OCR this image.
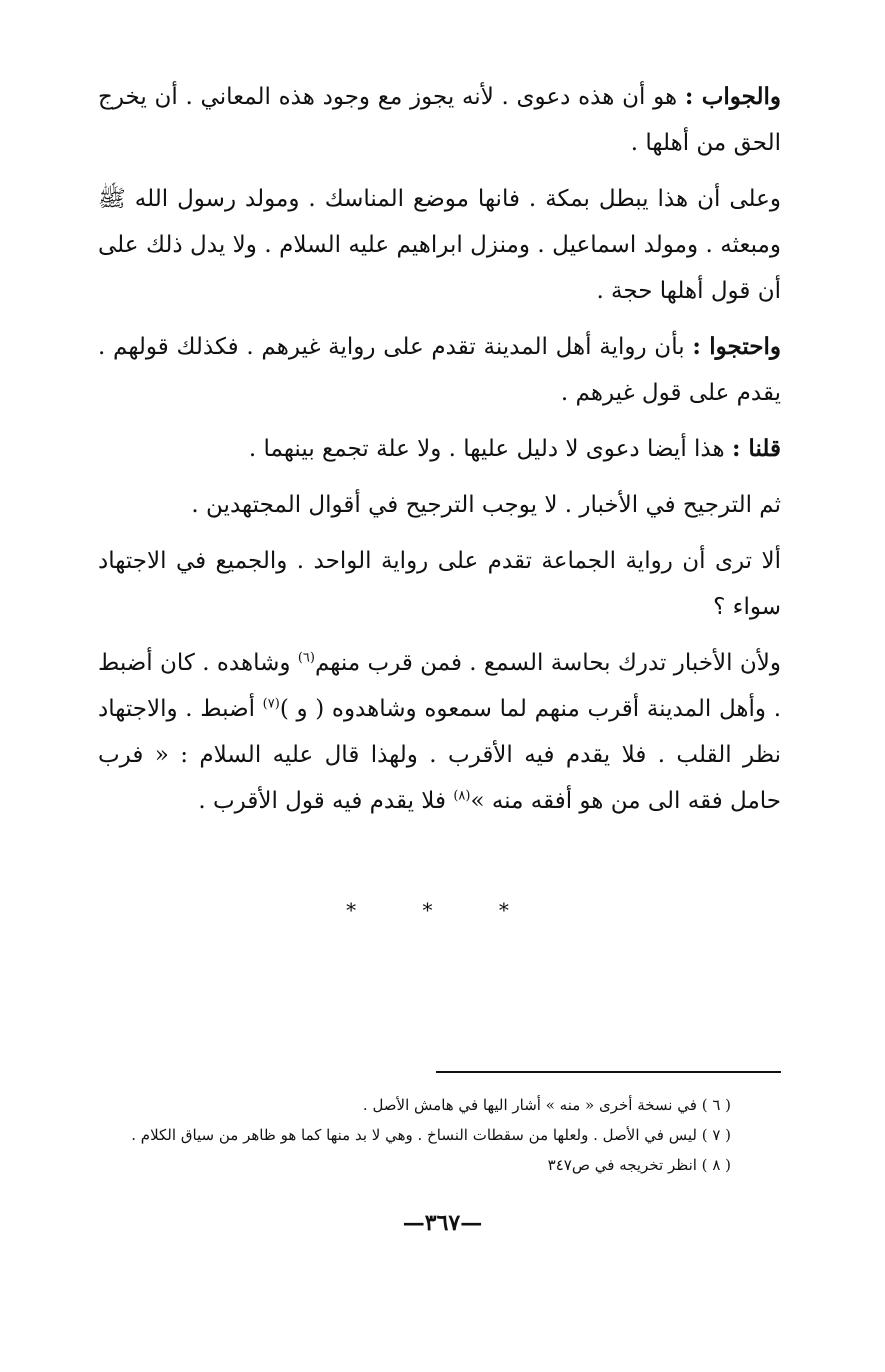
والجواب : هو أن هذه دعوى . لأنه يجوز مع وجود هذه المعاني . أن يخرج الحق من أهلها .

وعلى أن هذا يبطل بمكة . فانها موضع المناسك . ومولد رسول الله ﷺ ومبعثه . ومولد اسماعيل . ومنزل ابراهيم عليه السلام . ولا يدل ذلك على أن قول أهلها حجة .

واحتجوا : بأن رواية أهل المدينة تقدم على رواية غيرهم . فكذلك قولهم . يقدم على قول غيرهم .

قلنا : هذا أيضا دعوى لا دليل عليها . ولا علة تجمع بينهما .

ثم الترجيح في الأخبار . لا يوجب الترجيح في أقوال المجتهدين .

ألا ترى أن رواية الجماعة تقدم على رواية الواحد . والجميع في الاجتهاد سواء ؟

ولأن الأخبار تدرك بحاسة السمع . فمن قرب منهم$^{(٦)}$ وشاهده . كان أضبط . وأهل المدينة أقرب منهم لما سمعوه وشاهدوه ( و )$^{(٧)}$ أضبط . والاجتهاد نظر القلب . فلا يقدم فيه الأقرب . ولهذا قال عليه السلام : « فرب حامل فقه الى من هو أفقه منه »$^{(٨)}$ فلا يقدم فيه قول الأقرب .

* * *
( ٦ ) في نسخة أخرى « منه » أشار اليها في هامش الأصل .
( ٧ ) ليس في الأصل . ولعلها من سقطات النساخ . وهي لا بد منها كما هو ظاهر من سياق الكلام .
( ٨ ) انظر تخريجه في ص٣٤٧
—٣٦٧—
